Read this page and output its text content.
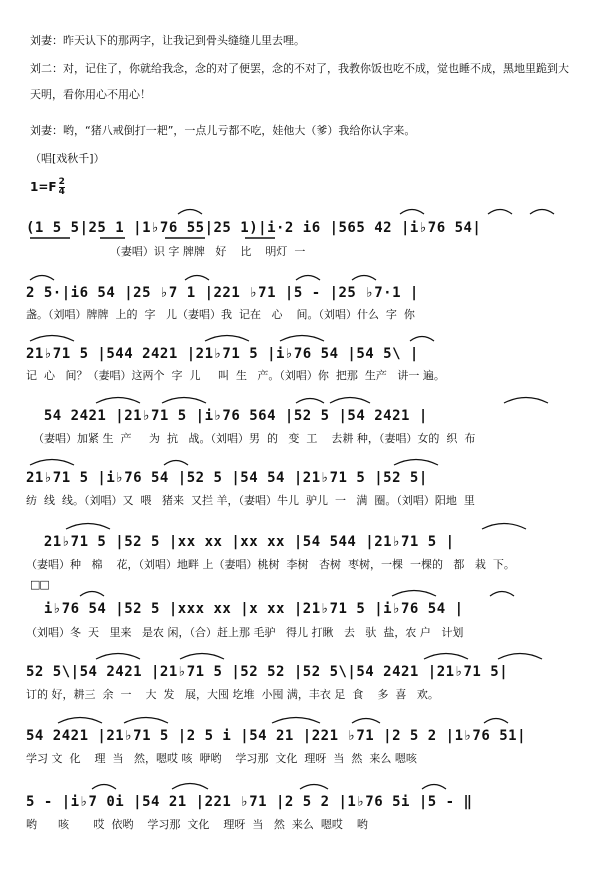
刘妻：昨天认下的那两字，让我记到骨头缝缝儿里去哩。

刘二：对，记住了，你就给我念，念的对了便罢，念的不对了，我教你饭也吃不成，觉也睡不成，黑地里跪到大天明，看你用心不用心！

刘妻：哟，“猪八戒倒打一耙”，一点儿亏都不吃，娃他大（爹）我给你认字来。

（唱[戏秋千]）

$1=F \frac{2}{4}$

(1 5 5|25 1 |1♭76 55|25 1)|i·2 i6 |565 42 |i♭76 54|

（妻唱）识 字 牌牌   好    比    明灯  一

2 5·|i6 54 |25 ♭7 1 |221 ♭71 |5 - |25 ♭7·1 |

盏。（刘唱）牌牌  上的  字   儿（妻唱）我  记在   心    间。（刘唱）什么  字  你

21♭71 5 |544 2421 |21♭71 5 |i♭76 54 |54 5\ |

记  心   间？（妻唱）这两个  字  儿     叫  生   产。（刘唱）你  把那  生产   讲一 遍。

54 2421 |21♭71 5 |i♭76 564 |52 5 |54 2421 |

（妻唱）加紧 生  产     为  抗   战。（刘唱）男  的   变  工    去耕 种，（妻唱）女的  织  布

21♭71 5 |i♭76 54 |52 5 |54 54 |21♭71 5 |52 5|

纺  线  线。（刘唱）又  喂   猪来  又拦 羊，（妻唱）牛儿  驴儿  一   满  圈。（刘唱）阳地  里

21♭71 5 |52 5 |xx xx |xx xx |54 544 |21♭71 5 |

（妻唱）种   棉    花，（刘唱）地畔 上（妻唱）桃树  李树   杏树  枣树，一棵  一棵的   都   栽  下。

□□

i♭76 54 |52 5 |xxx xx |x xx |21♭71 5 |i♭76 54 |

（刘唱）冬  天   里来   是农 闲，（合）赶上那 毛驴   得儿 打瞅   去   驮  盐，农 户   计划

52 5\|54 2421 |21♭71 5 |52 52 |52 5\|54 2421 |21♭71 5|

订的 好，耕三  余  一    大  发   展，大囤 圪堆  小囤 满，丰衣 足  食    多  喜   欢。

54 2421 |21♭71 5 |2 5 i |54 21 |221 ♭71 |2 5 2 |1♭76 51|

学习 文  化    理  当   然，嗯哎 咳  咿哟    学习那  文化  理呀  当  然  来么 嗯咳

5 - |i♭7 0i |54 21 |221 ♭71 |2 5 2 |1♭76 5i |5 - ‖

哟      咳       哎  依哟    学习那  文化    理呀  当   然  来么  嗯哎    哟
